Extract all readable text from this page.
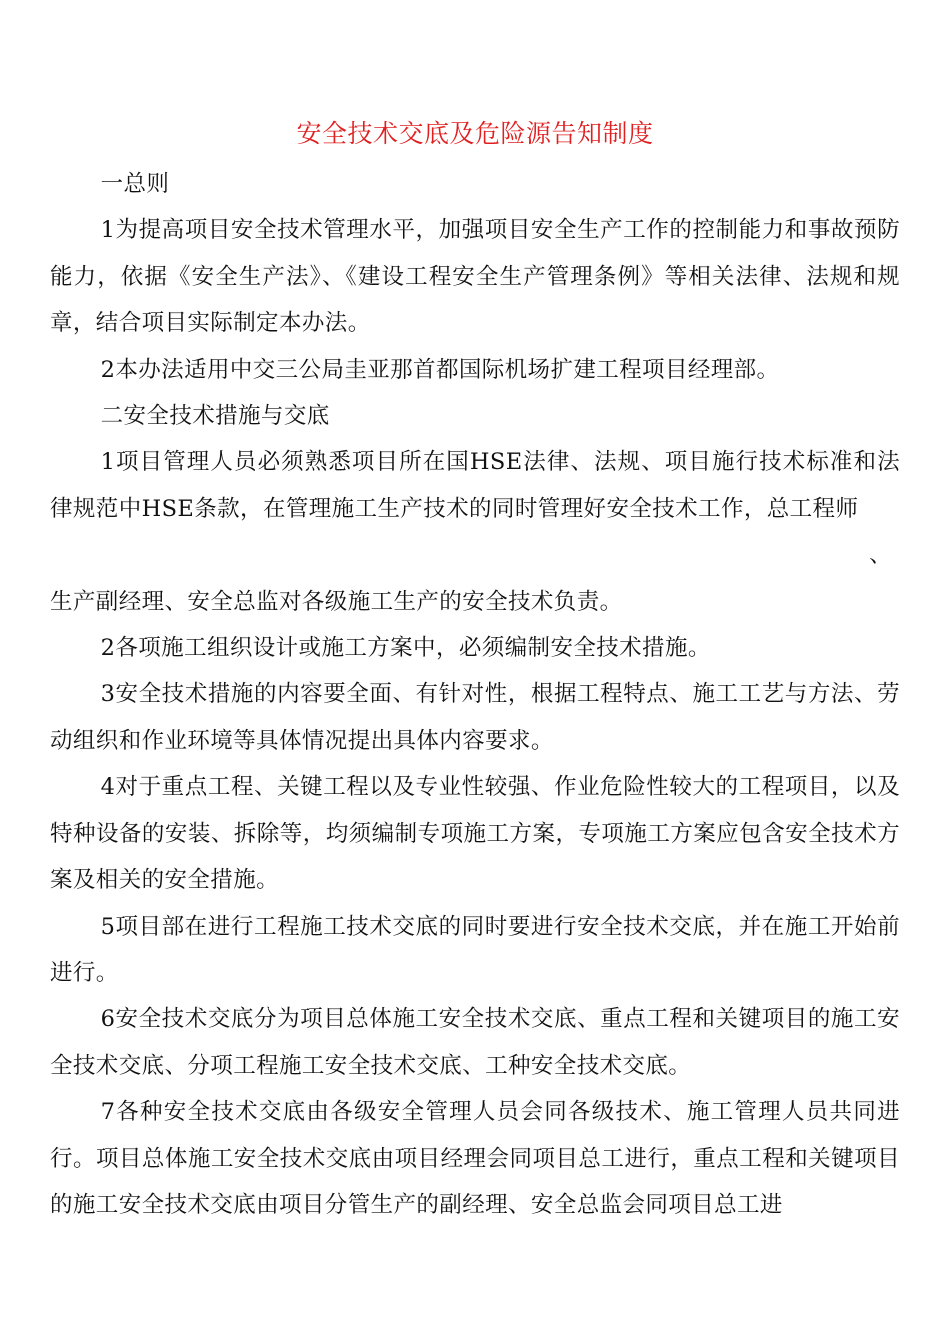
安全技术交底及危险源告知制度

一总则

1为提高项目安全技术管理水平，加强项目安全生产工作的控制能力和事故预防能力，依据《安全生产法》、《建设工程安全生产管理条例》等相关法律、法规和规章，结合项目实际制定本办法。

2本办法适用中交三公局圭亚那首都国际机场扩建工程项目经理部。

二安全技术措施与交底

1项目管理人员必须熟悉项目所在国HSE法律、法规、项目施行技术标准和法律规范中HSE条款，在管理施工生产技术的同时管理好安全技术工作，总工程师

、

生产副经理、安全总监对各级施工生产的安全技术负责。

2各项施工组织设计或施工方案中，必须编制安全技术措施。

3安全技术措施的内容要全面、有针对性，根据工程特点、施工工艺与方法、劳动组织和作业环境等具体情况提出具体内容要求。

4对于重点工程、关键工程以及专业性较强、作业危险性较大的工程项目，以及特种设备的安装、拆除等，均须编制专项施工方案，专项施工方案应包含安全技术方案及相关的安全措施。

5项目部在进行工程施工技术交底的同时要进行安全技术交底，并在施工开始前进行。

6安全技术交底分为项目总体施工安全技术交底、重点工程和关键项目的施工安全技术交底、分项工程施工安全技术交底、工种安全技术交底。

7各种安全技术交底由各级安全管理人员会同各级技术、施工管理人员共同进行。项目总体施工安全技术交底由项目经理会同项目总工进行，重点工程和关键项目的施工安全技术交底由项目分管生产的副经理、安全总监会同项目总工进
